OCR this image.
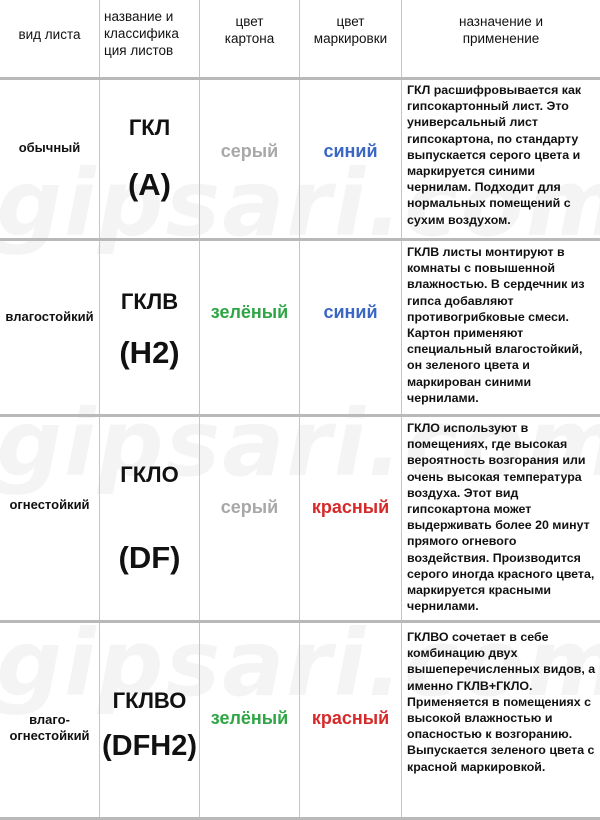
вид листа
название и
классифика
ция листов
цвет
картона
цвет
маркировки
назначение и
применение
обычный
ГКЛ
(A)
серый	синий
ГКЛ расшифровывается как гипсокартонный лист. Это универсальный лист гипсокартона, по стандарту выпускается серого цвета и маркируется синими чернилам. Подходит для нормальных помещений с сухим воздухом.
влагостойкий
ГКЛВ
(H2)
зелёный синий
ГКЛВ листы монтируют в комнаты с повышенной влажностью. В сердечник из гипса добавляют противогрибковые смеси. Картон применяют специальный влагостойкий, он зеленого цвета и маркирован синими чернилами.
огнестойкий
ГКЛО
(DF)
серый красный
ГКЛО используют в помещениях, где высокая вероятность возгорания или очень высокая температура воздуха. Этот вид гипсокартона может выдерживать более 20 минут прямого огневого воздействия. Производится серого иногда красного цвета, маркируется красными чернилами.
влаго-
огнестойкий
ГКЛВО
(DFH2)
зелёный красный
ГКЛВО сочетает в себе комбинацию двух вышеперечисленных видов, а именно ГКЛВ+ГКЛО. Применяется в помещениях с высокой влажностью и опасностью к возгоранию. Выпускается зеленого цвета с красной маркировкой.
